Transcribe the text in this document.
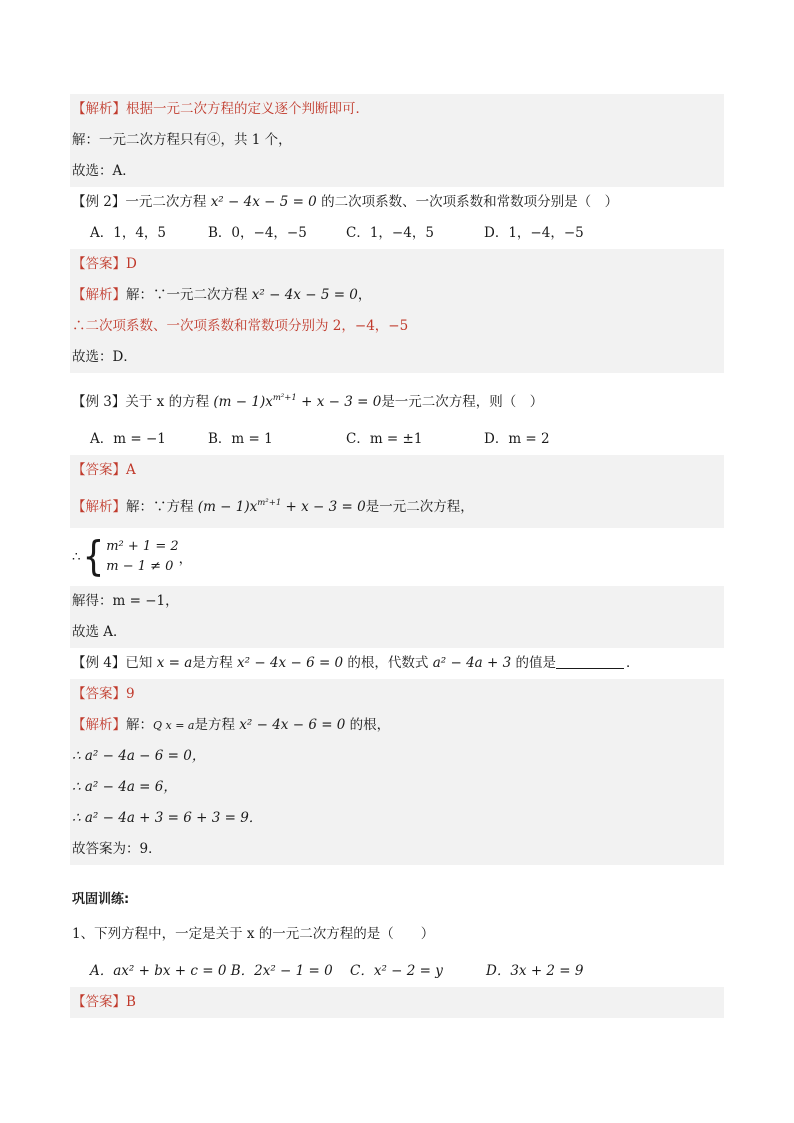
【解析】根据一元二次方程的定义逐个判断即可．
解：一元二次方程只有④，共 1 个，
故选：A．
【例 2】一元二次方程 x² − 4x − 5 = 0 的二次项系数、一次项系数和常数项分别是（　）
A．1，4，5	B．0，−4，−5	C．1，−4，5	D．1，−4，−5
【答案】D
【解析】解：∵一元二次方程 x² − 4x − 5 = 0，
∴二次项系数、一次项系数和常数项分别为 2，−4，−5
故选：D．
【例 3】关于 x 的方程 $(m - 1)x^{m^2+1} + x - 3 = 0$是一元二次方程，则（　）
A．m = −1	B．m = 1	C．m = ±1	D．m = 2
【答案】A
【解析】解：∵方程 $(m - 1)x^{m^2+1} + x - 3 = 0$是一元二次方程，
∴ { m² + 1 = 2
m − 1 ≠ 0 ，
解得：m = −1，
故选 A．
【例 4】已知 x = a是方程 x² − 4x − 6 = 0 的根，代数式 a² − 4a + 3 的值是	．
【答案】9
【解析】解：Q x = a是方程 x² − 4x − 6 = 0 的根，
∴ a² − 4a − 6 = 0，
∴ a² − 4a = 6，
∴ a² − 4a + 3 = 6 + 3 = 9．
故答案为：9．
巩固训练:
1、下列方程中，一定是关于 x 的一元二次方程的是（　　）
A．ax² + bx + c = 0 B．2x² − 1 = 0	C．x² − 2 = y	D．3x + 2 = 9
【答案】B
